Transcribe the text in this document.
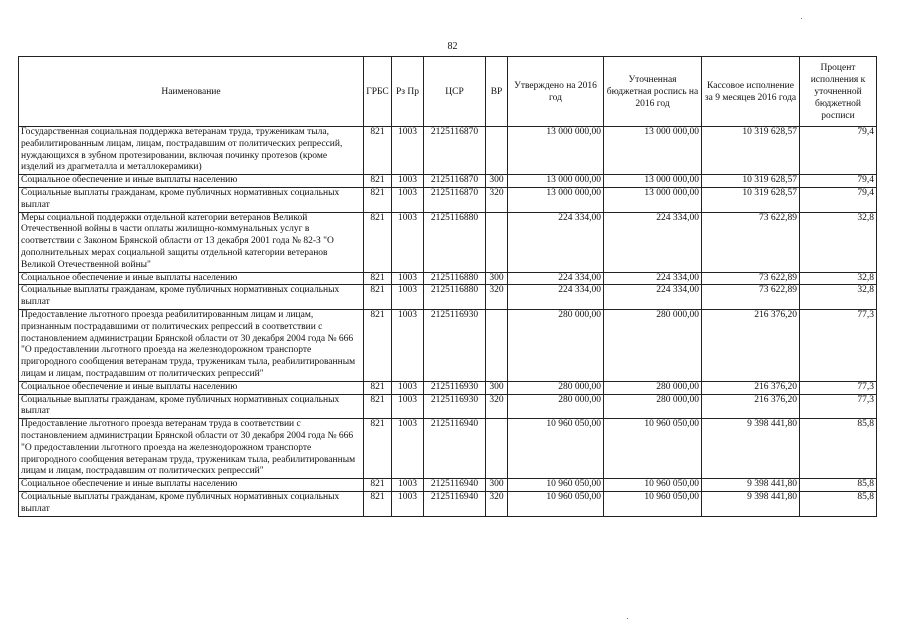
82
Наименование	ГРБС	Рз Пр	ЦСР	ВР	Утверждено на 2016 год	Уточненная бюджетная роспись на 2016 год	Кассовое исполнение за 9 месяцев 2016 года	Процент исполнения к уточненной бюджетной росписи
Государственная социальная поддержка ветеранам труда, труженикам тыла, реабилитированным лицам, лицам, пострадавшим от политических репрессий, нуждающихся в зубном протезировании, включая починку протезов (кроме изделий из драгметалла и металлокерамики)	821	1003	2125116870		13 000 000,00	13 000 000,00	10 319 628,57	79,4
Социальное обеспечение и иные выплаты населению	821	1003	2125116870	300	13 000 000,00	13 000 000,00	10 319 628,57	79,4
Социальные выплаты гражданам, кроме публичных нормативных социальных выплат	821	1003	2125116870	320	13 000 000,00	13 000 000,00	10 319 628,57	79,4
Меры социальной поддержки отдельной категории ветеранов Великой Отечественной войны в части оплаты жилищно-коммунальных услуг в соответствии с Законом Брянской области от 13 декабря 2001 года № 82-З "О дополнительных мерах социальной защиты отдельной категории ветеранов Великой Отечественной войны"	821	1003	2125116880		224 334,00	224 334,00	73 622,89	32,8
Социальное обеспечение и иные выплаты населению	821	1003	2125116880	300	224 334,00	224 334,00	73 622,89	32,8
Социальные выплаты гражданам, кроме публичных нормативных социальных выплат	821	1003	2125116880	320	224 334,00	224 334,00	73 622,89	32,8
Предоставление льготного проезда реабилитированным лицам и лицам, признанным пострадавшими от политических репрессий в соответствии с постановлением администрации Брянской области от 30 декабря 2004 года № 666 "О предоставлении льготного проезда на железнодорожном транспорте пригородного сообщения ветеранам труда, труженикам тыла, реабилитированным лицам и лицам, пострадавшим от политических репрессий"	821	1003	2125116930		280 000,00	280 000,00	216 376,20	77,3
Социальное обеспечение и иные выплаты населению	821	1003	2125116930	300	280 000,00	280 000,00	216 376,20	77,3
Социальные выплаты гражданам, кроме публичных нормативных социальных выплат	821	1003	2125116930	320	280 000,00	280 000,00	216 376,20	77,3
Предоставление льготного проезда ветеранам труда в соответствии с постановлением администрации Брянской области от 30 декабря 2004 года № 666 "О предоставлении льготного проезда на железнодорожном транспорте пригородного сообщения ветеранам труда, труженикам тыла, реабилитированным лицам и лицам, пострадавшим от политических репрессий"	821	1003	2125116940		10 960 050,00	10 960 050,00	9 398 441,80	85,8
Социальное обеспечение и иные выплаты населению	821	1003	2125116940	300	10 960 050,00	10 960 050,00	9 398 441,80	85,8
Социальные выплаты гражданам, кроме публичных нормативных социальных выплат	821	1003	2125116940	320	10 960 050,00	10 960 050,00	9 398 441,80	85,8
